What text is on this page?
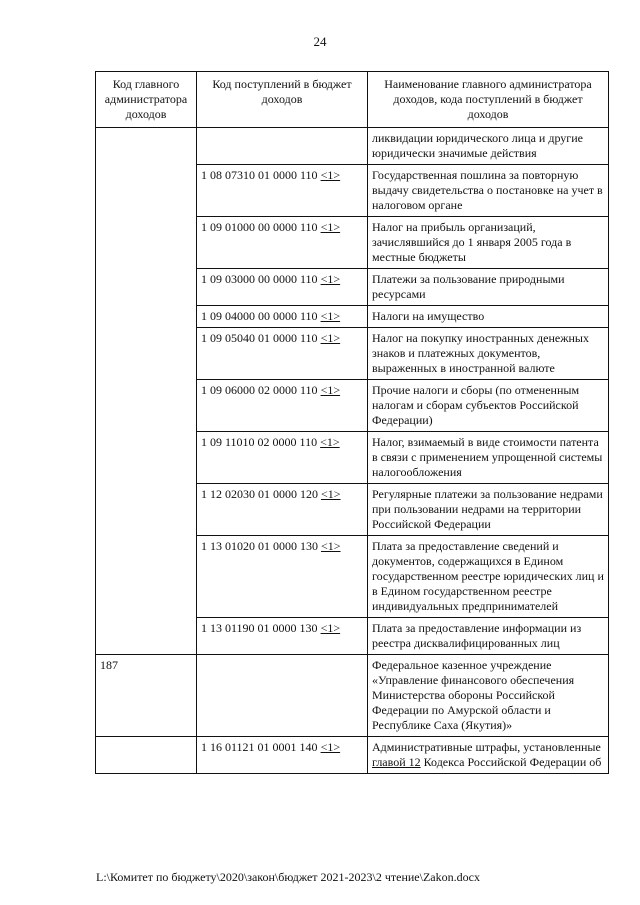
24
Код главного администратора доходов	Код поступлений в бюджет доходов	Наименование главного администратора доходов, кода поступлений в бюджет доходов
		ликвидации юридического лица и другие юридически значимые действия
	1 08 07310 01 0000 110 <1>	Государственная пошлина за повторную выдачу свидетельства о постановке на учет в налоговом органе
	1 09 01000 00 0000 110 <1>	Налог на прибыль организаций, зачислявшийся до 1 января 2005 года в местные бюджеты
	1 09 03000 00 0000 110 <1>	Платежи за пользование природными ресурсами
	1 09 04000 00 0000 110 <1>	Налоги на имущество
	1 09 05040 01 0000 110 <1>	Налог на покупку иностранных денежных знаков и платежных документов, выраженных в иностранной валюте
	1 09 06000 02 0000 110 <1>	Прочие налоги и сборы (по отмененным налогам и сборам субъектов Российской Федерации)
	1 09 11010 02 0000 110 <1>	Налог, взимаемый в виде стоимости патента в связи с применением упрощенной системы налогообложения
	1 12 02030 01 0000 120 <1>	Регулярные платежи за пользование недрами при пользовании недрами на территории Российской Федерации
	1 13 01020 01 0000 130 <1>	Плата за предоставление сведений и документов, содержащихся в Едином государственном реестре юридических лиц и в Едином государственном реестре индивидуальных предпринимателей
	1 13 01190 01 0000 130 <1>	Плата за предоставление информации из реестра дисквалифицированных лиц
187		Федеральное казенное учреждение «Управление финансового обеспечения Министерства обороны Российской Федерации по Амурской области и Республике Саха (Якутия)»
	1 16 01121 01 0001 140 <1>	Административные штрафы, установленные главой 12 Кодекса Российской Федерации об
L:\Комитет по бюджету\2020\закон\бюджет 2021-2023\2 чтение\Zakon.docx
